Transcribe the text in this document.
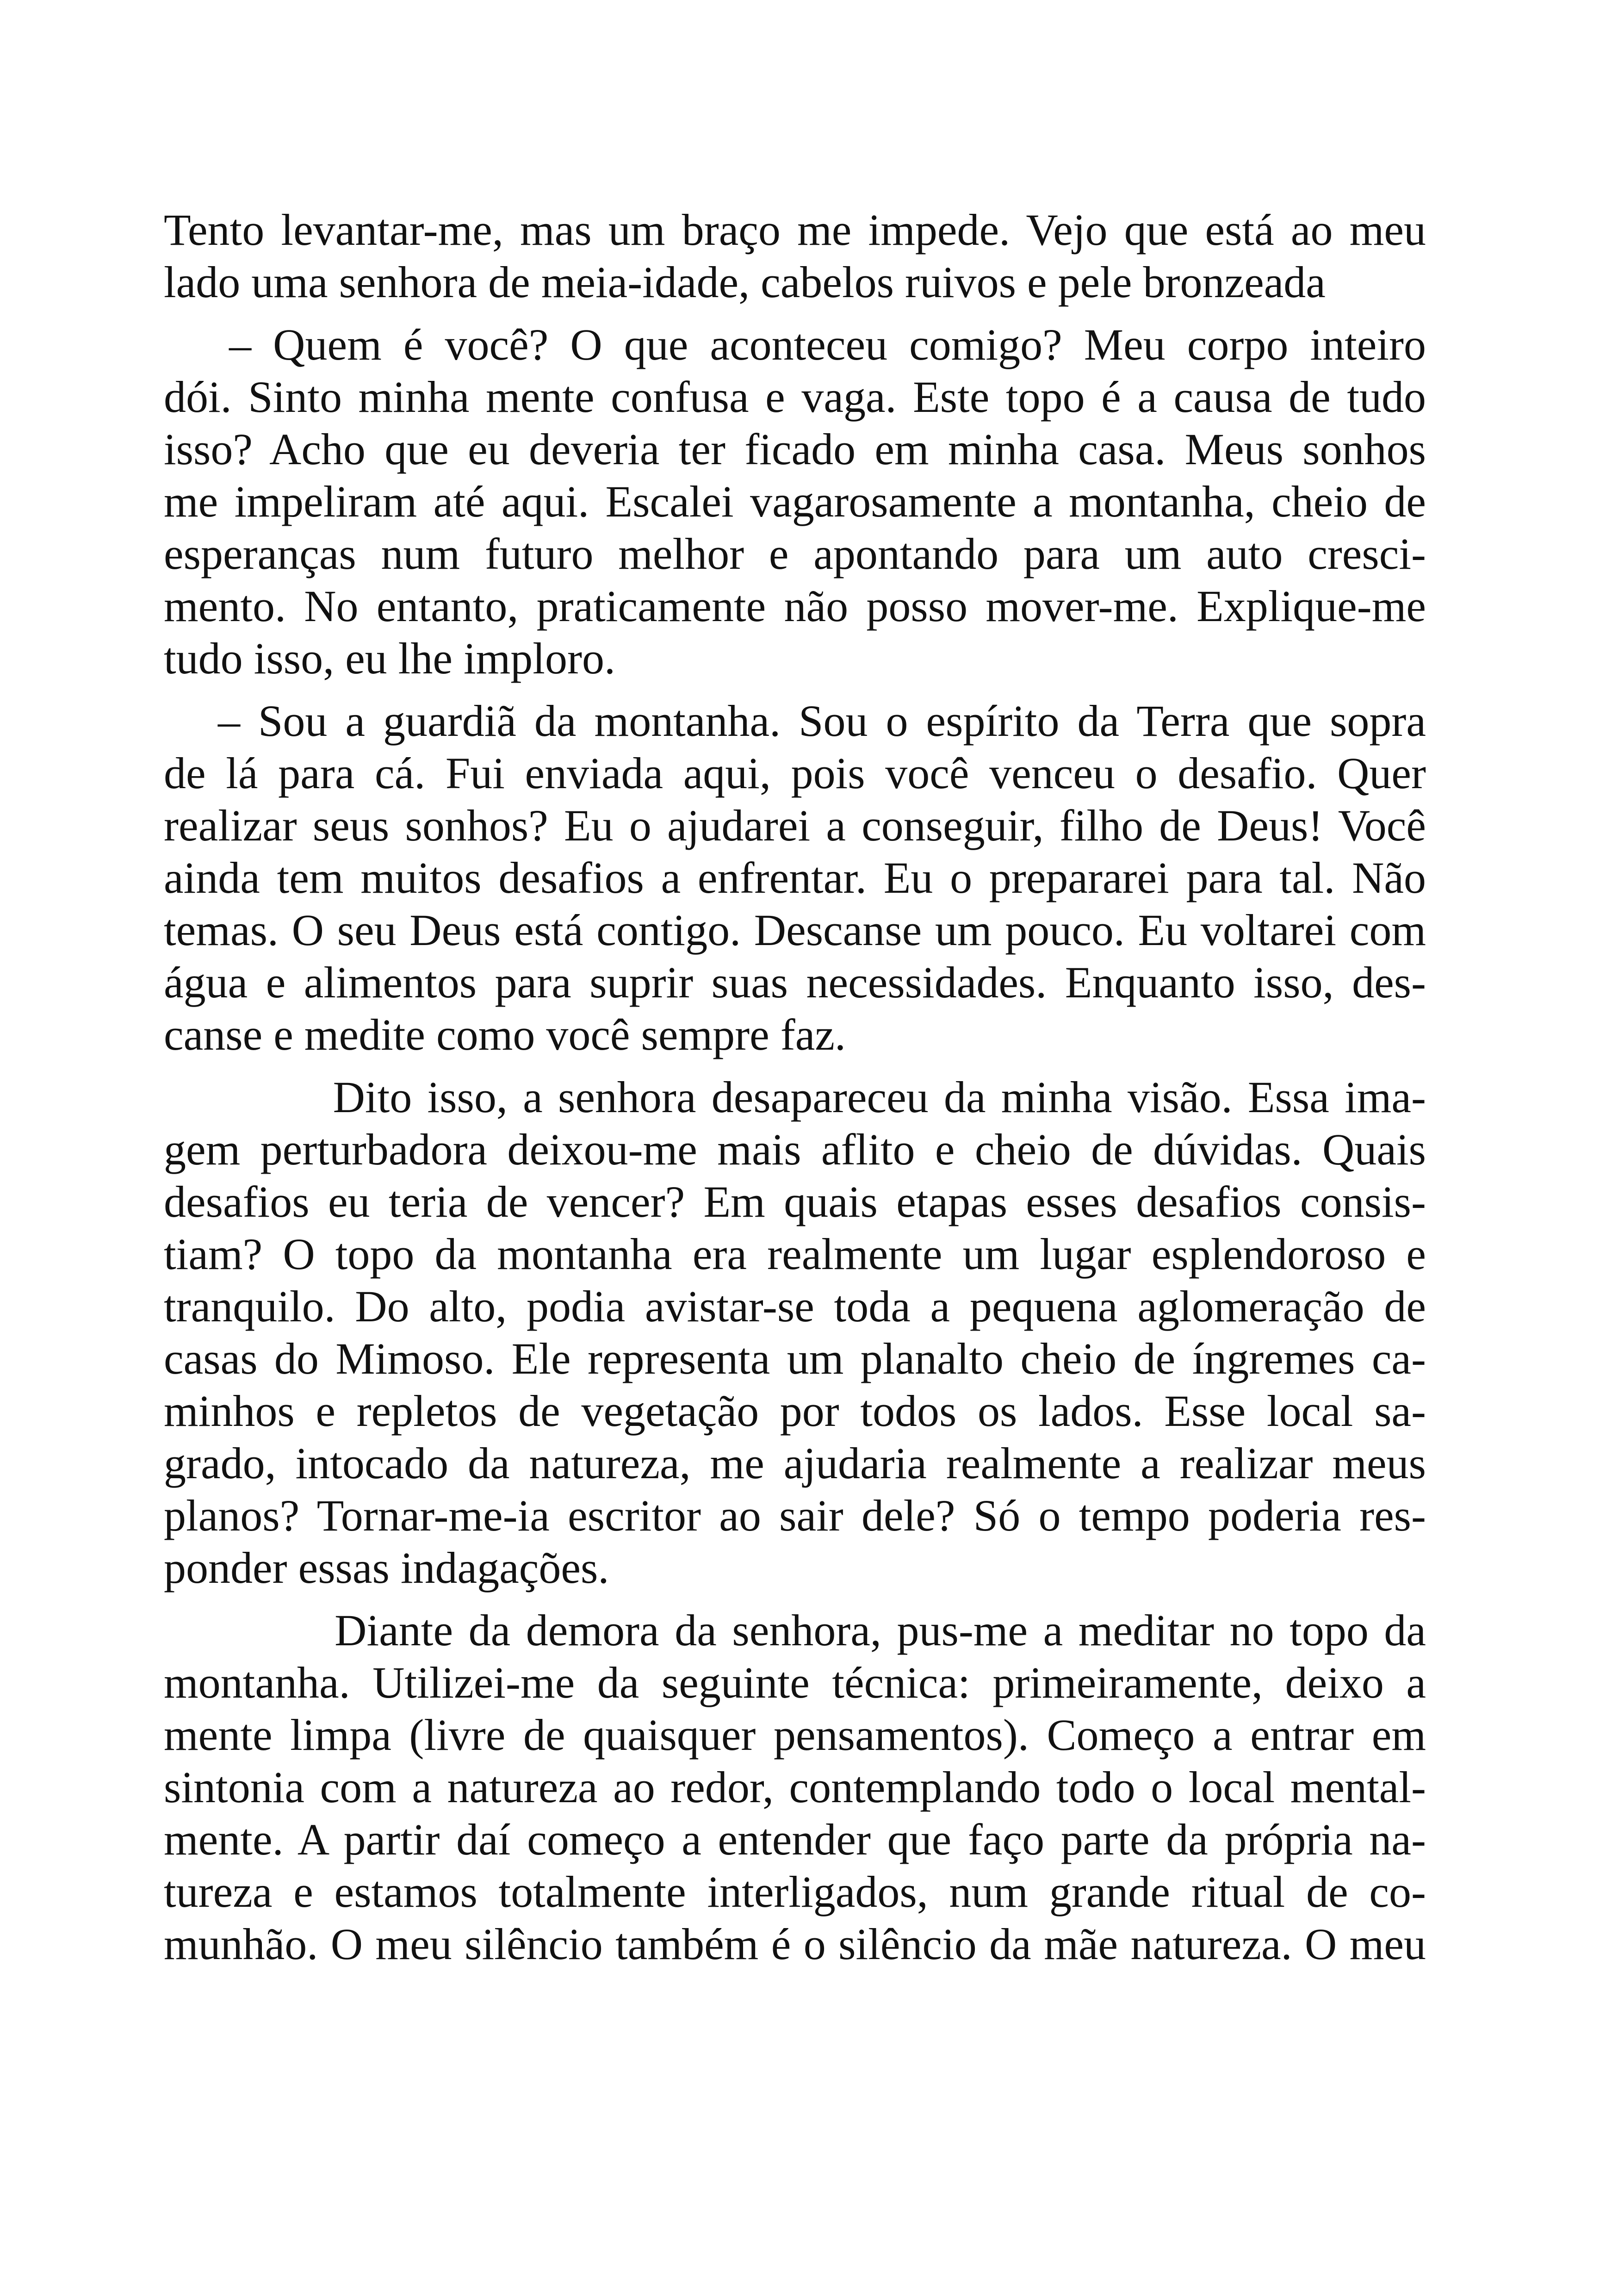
Tento levantar-me, mas um braço me impede. Vejo que está ao meu
lado uma senhora de meia-idade, cabelos ruivos e pele bronzeada
– Quem é você? O que aconteceu comigo? Meu corpo inteiro
dói. Sinto minha mente confusa e vaga. Este topo é a causa de tudo
isso? Acho que eu deveria ter ficado em minha casa. Meus sonhos
me impeliram até aqui. Escalei vagarosamente a montanha, cheio de
esperanças num futuro melhor e apontando para um auto cresci-
mento. No entanto, praticamente não posso mover-me. Explique-me
tudo isso, eu lhe imploro.
– Sou a guardiã da montanha. Sou o espírito da Terra que sopra
de lá para cá. Fui enviada aqui, pois você venceu o desafio. Quer
realizar seus sonhos? Eu o ajudarei a conseguir, filho de Deus! Você
ainda tem muitos desafios a enfrentar. Eu o prepararei para tal. Não
temas. O seu Deus está contigo. Descanse um pouco. Eu voltarei com
água e alimentos para suprir suas necessidades. Enquanto isso, des-
canse e medite como você sempre faz.
Dito isso, a senhora desapareceu da minha visão. Essa ima-
gem perturbadora deixou-me mais aflito e cheio de dúvidas. Quais
desafios eu teria de vencer? Em quais etapas esses desafios consis-
tiam? O topo da montanha era realmente um lugar esplendoroso e
tranquilo. Do alto, podia avistar-se toda a pequena aglomeração de
casas do Mimoso. Ele representa um planalto cheio de íngremes ca-
minhos e repletos de vegetação por todos os lados. Esse local sa-
grado, intocado da natureza, me ajudaria realmente a realizar meus
planos? Tornar-me-ia escritor ao sair dele? Só o tempo poderia res-
ponder essas indagações.
Diante da demora da senhora, pus-me a meditar no topo da
montanha. Utilizei-me da seguinte técnica: primeiramente, deixo a
mente limpa (livre de quaisquer pensamentos). Começo a entrar em
sintonia com a natureza ao redor, contemplando todo o local mental-
mente. A partir daí começo a entender que faço parte da própria na-
tureza e estamos totalmente interligados, num grande ritual de co-
munhão. O meu silêncio também é o silêncio da mãe natureza. O meu
